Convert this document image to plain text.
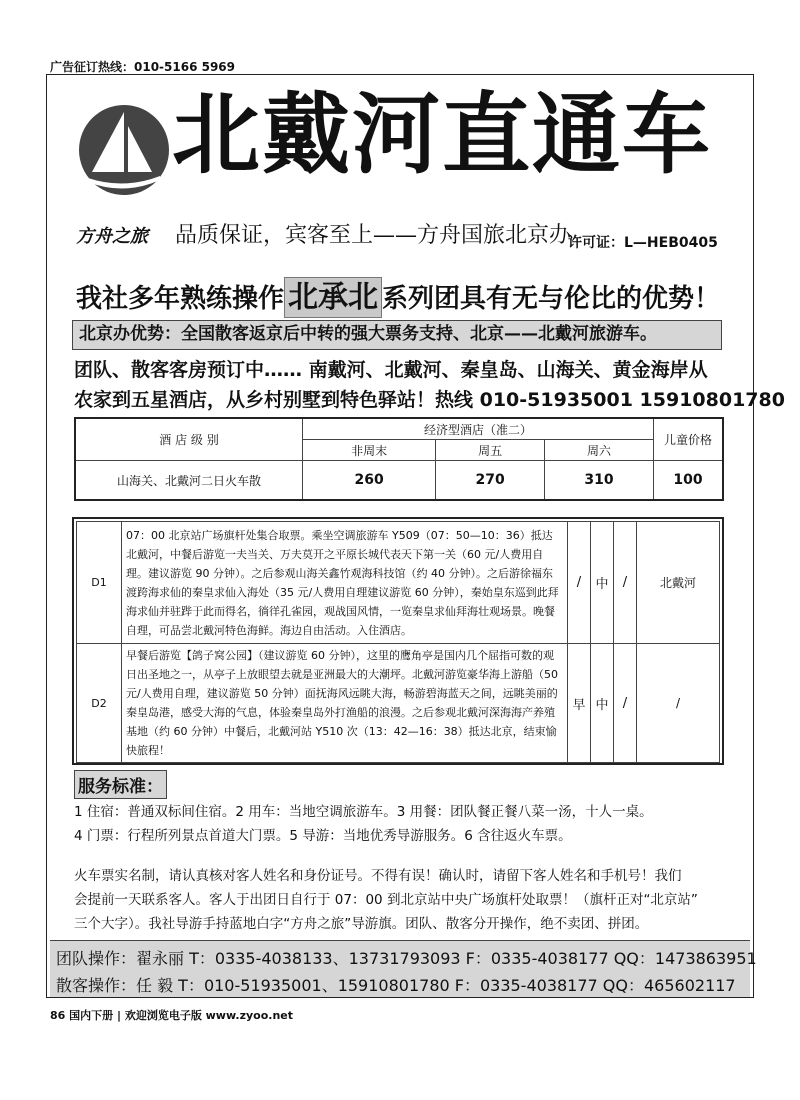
广告征订热线：010-5166 5969
北戴河直通车
方舟之旅 品质保证，宾客至上——方舟国旅北京办
许可证：L—HEB0405
我社多年熟练操作 北承北 系列团具有无与伦比的优势！
北京办优势：全国散客返京后中转的强大票务支持、北京——北戴河旅游车。
团队、散客客房预订中…… 南戴河、北戴河、秦皇岛、山海关、黄金海岸从
农家到五星酒店，从乡村别墅到特色驿站！热线 010-51935001 15910801780
酒 店 级 别	经济型酒店（准二）			儿童价格
	非周末	周五	周六	
山海关、北戴河二日火车散	260	270	310	100
D1	07：00 北京站广场旗杆处集合取票。乘坐空调旅游车 Y509（07：50—10：36）抵达北戴河，中餐后游览一夫当关、万夫莫开之平原长城代表天下第一关（60 元/人费用自理。建议游览 90 分钟）。之后参观山海关鑫竹观海科技馆（约 40 分钟）。之后游徐福东渡跨海求仙的秦皇求仙入海处（35 元/人费用自理建议游览 60 分钟），秦始皇东巡到此拜海求仙并驻跸于此而得名，徜徉孔雀园，观战国风情，一览秦皇求仙拜海壮观场景。晚餐自理，可品尝北戴河特色海鲜。海边自由活动。入住酒店。	/	中	/	北戴河
D2	早餐后游览【鸽子窝公园】（建议游览 60 分钟），这里的鹰角亭是国内几个屈指可数的观日出圣地之一，从亭子上放眼望去就是亚洲最大的大潮坪。北戴河游览豪华海上游船（50 元/人费用自理，建议游览 50 分钟）面抚海风远眺大海，畅游碧海蓝天之间，远眺美丽的秦皇岛港，感受大海的气息，体验秦皇岛外打渔船的浪漫。之后参观北戴河深海海产养殖基地（约 60 分钟）中餐后，北戴河站 Y510 次（13：42—16：38）抵达北京，结束愉快旅程！	早	中	/	/
服务标准：
1 住宿：普通双标间住宿。2 用车：当地空调旅游车。3 用餐：团队餐正餐八菜一汤，十人一桌。
4 门票：行程所列景点首道大门票。5 导游：当地优秀导游服务。6 含往返火车票。
火车票实名制，请认真核对客人姓名和身份证号。不得有误！确认时，请留下客人姓名和手机号！我们
会提前一天联系客人。客人于出团日自行于 07：00 到北京站中央广场旗杆处取票！（旗杆正对“北京站”
三个大字）。我社导游手持蓝地白字“方舟之旅”导游旗。团队、散客分开操作，绝不卖团、拼团。
团队操作：翟永丽 T：0335-4038133、13731793093 F：0335-4038177 QQ：1473863951
散客操作：任 毅 T：010-51935001、15910801780 F：0335-4038177 QQ：465602117
86 国内下册 | 欢迎浏览电子版 www.zyoo.net
